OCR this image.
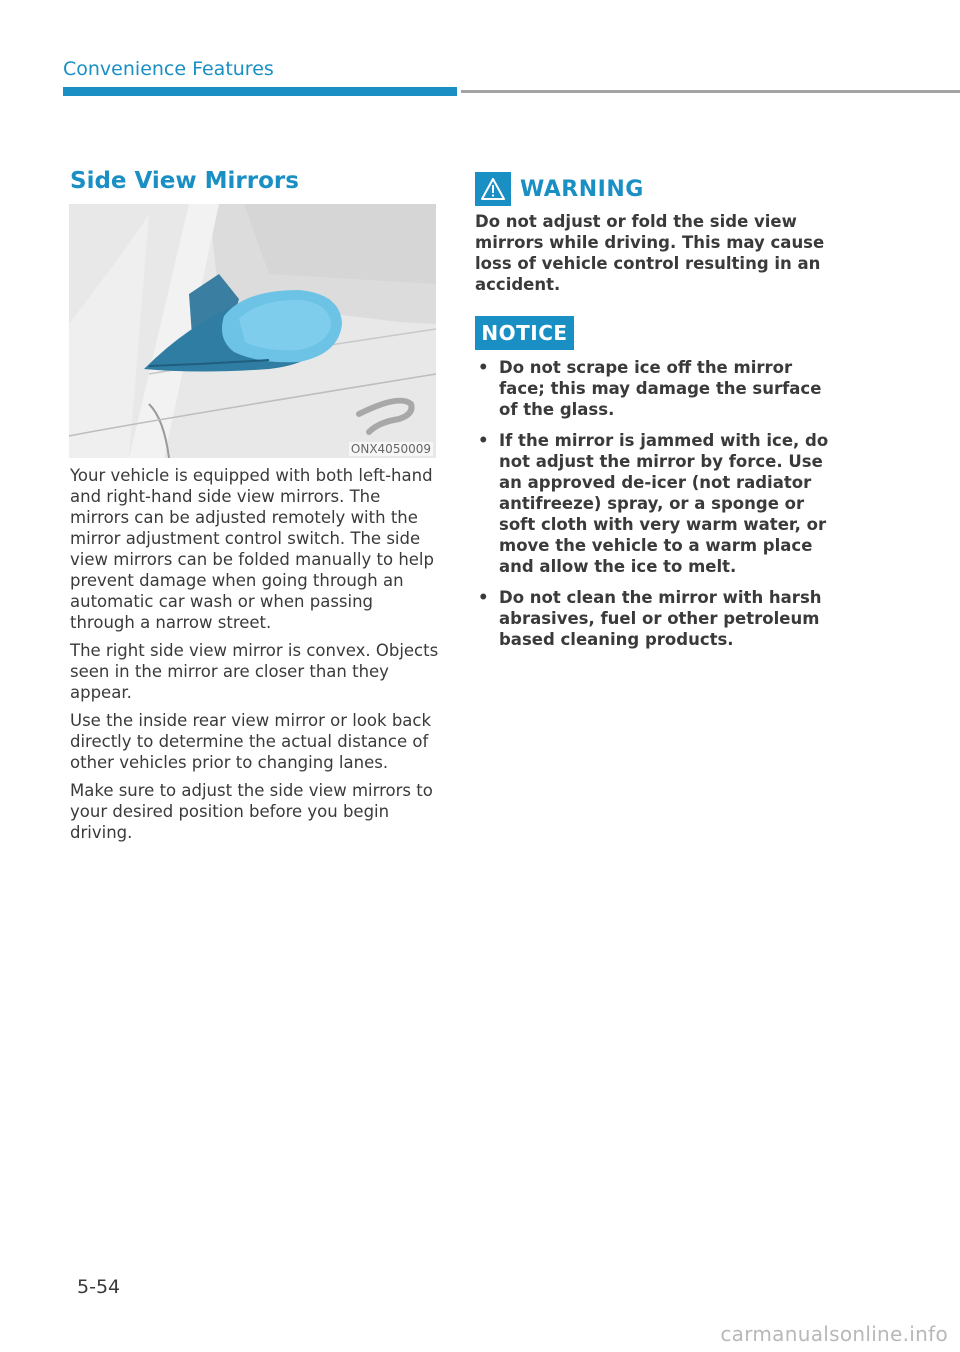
Convenience Features
Side View Mirrors
ONX4050009

Your vehicle is equipped with both left-hand and right-hand side view mirrors. The mirrors can be adjusted remotely with the mirror adjustment control switch. The side view mirrors can be folded manually to help prevent damage when going through an automatic car wash or when passing through a narrow street.

The right side view mirror is convex. Objects seen in the mirror are closer than they appear.

Use the inside rear view mirror or look back directly to determine the actual distance of other vehicles prior to changing lanes.

Make sure to adjust the side view mirrors to your desired position before you begin driving.

WARNING

Do not adjust or fold the side view mirrors while driving. This may cause loss of vehicle control resulting in an accident.

NOTICE
• Do not scrape ice off the mirror face; this may damage the surface of the glass.
• If the mirror is jammed with ice, do not adjust the mirror by force. Use an approved de-icer (not radiator antifreeze) spray, or a sponge or soft cloth with very warm water, or move the vehicle to a warm place and allow the ice to melt.
• Do not clean the mirror with harsh abrasives, fuel or other petroleum based cleaning products.
5-54
carmanualsonline.info
